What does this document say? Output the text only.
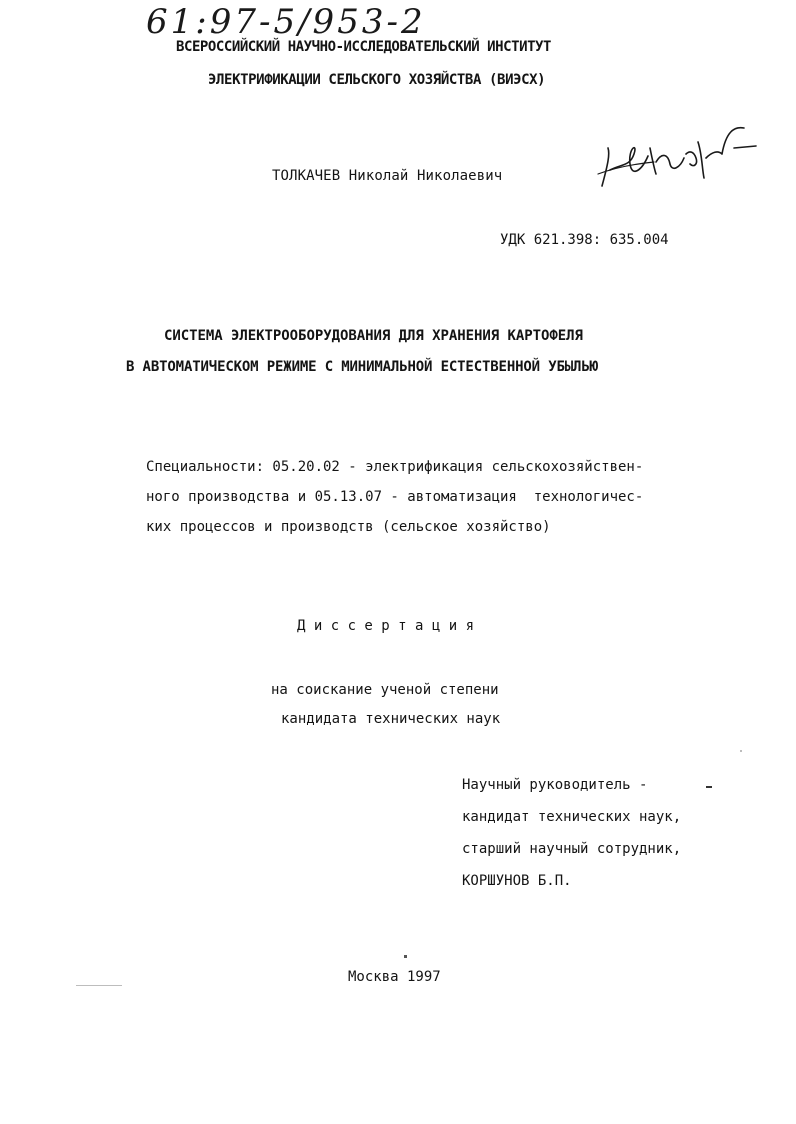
61:97-5/953-2
ВСЕРОССИЙСКИЙ НАУЧНО-ИССЛЕДОВАТЕЛЬСКИЙ ИНСТИТУТ
ЭЛЕКТРИФИКАЦИИ СЕЛЬСКОГО ХОЗЯЙСТВА (ВИЭСХ)
ТОЛКАЧЕВ Николай Николаевич
УДК 621.398: 635.004
СИСТЕМА ЭЛЕКТРООБОРУДОВАНИЯ ДЛЯ ХРАНЕНИЯ КАРТОФЕЛЯ
В АВТОМАТИЧЕСКОМ РЕЖИМЕ С МИНИМАЛЬНОЙ ЕСТЕСТВЕННОЙ УБЫЛЬЮ
Специальности: 05.20.02 - электрификация сельскохозяйствен-
ного производства и 05.13.07 - автоматизация  технологичес-
ких процессов и производств (сельское хозяйство)
Д и с с е р т а ц и я
на соискание ученой степени
кандидата технических наук
Научный руководитель -
кандидат технических наук,
старший научный сотрудник,
КОРШУНОВ Б.П.
Москва 1997
